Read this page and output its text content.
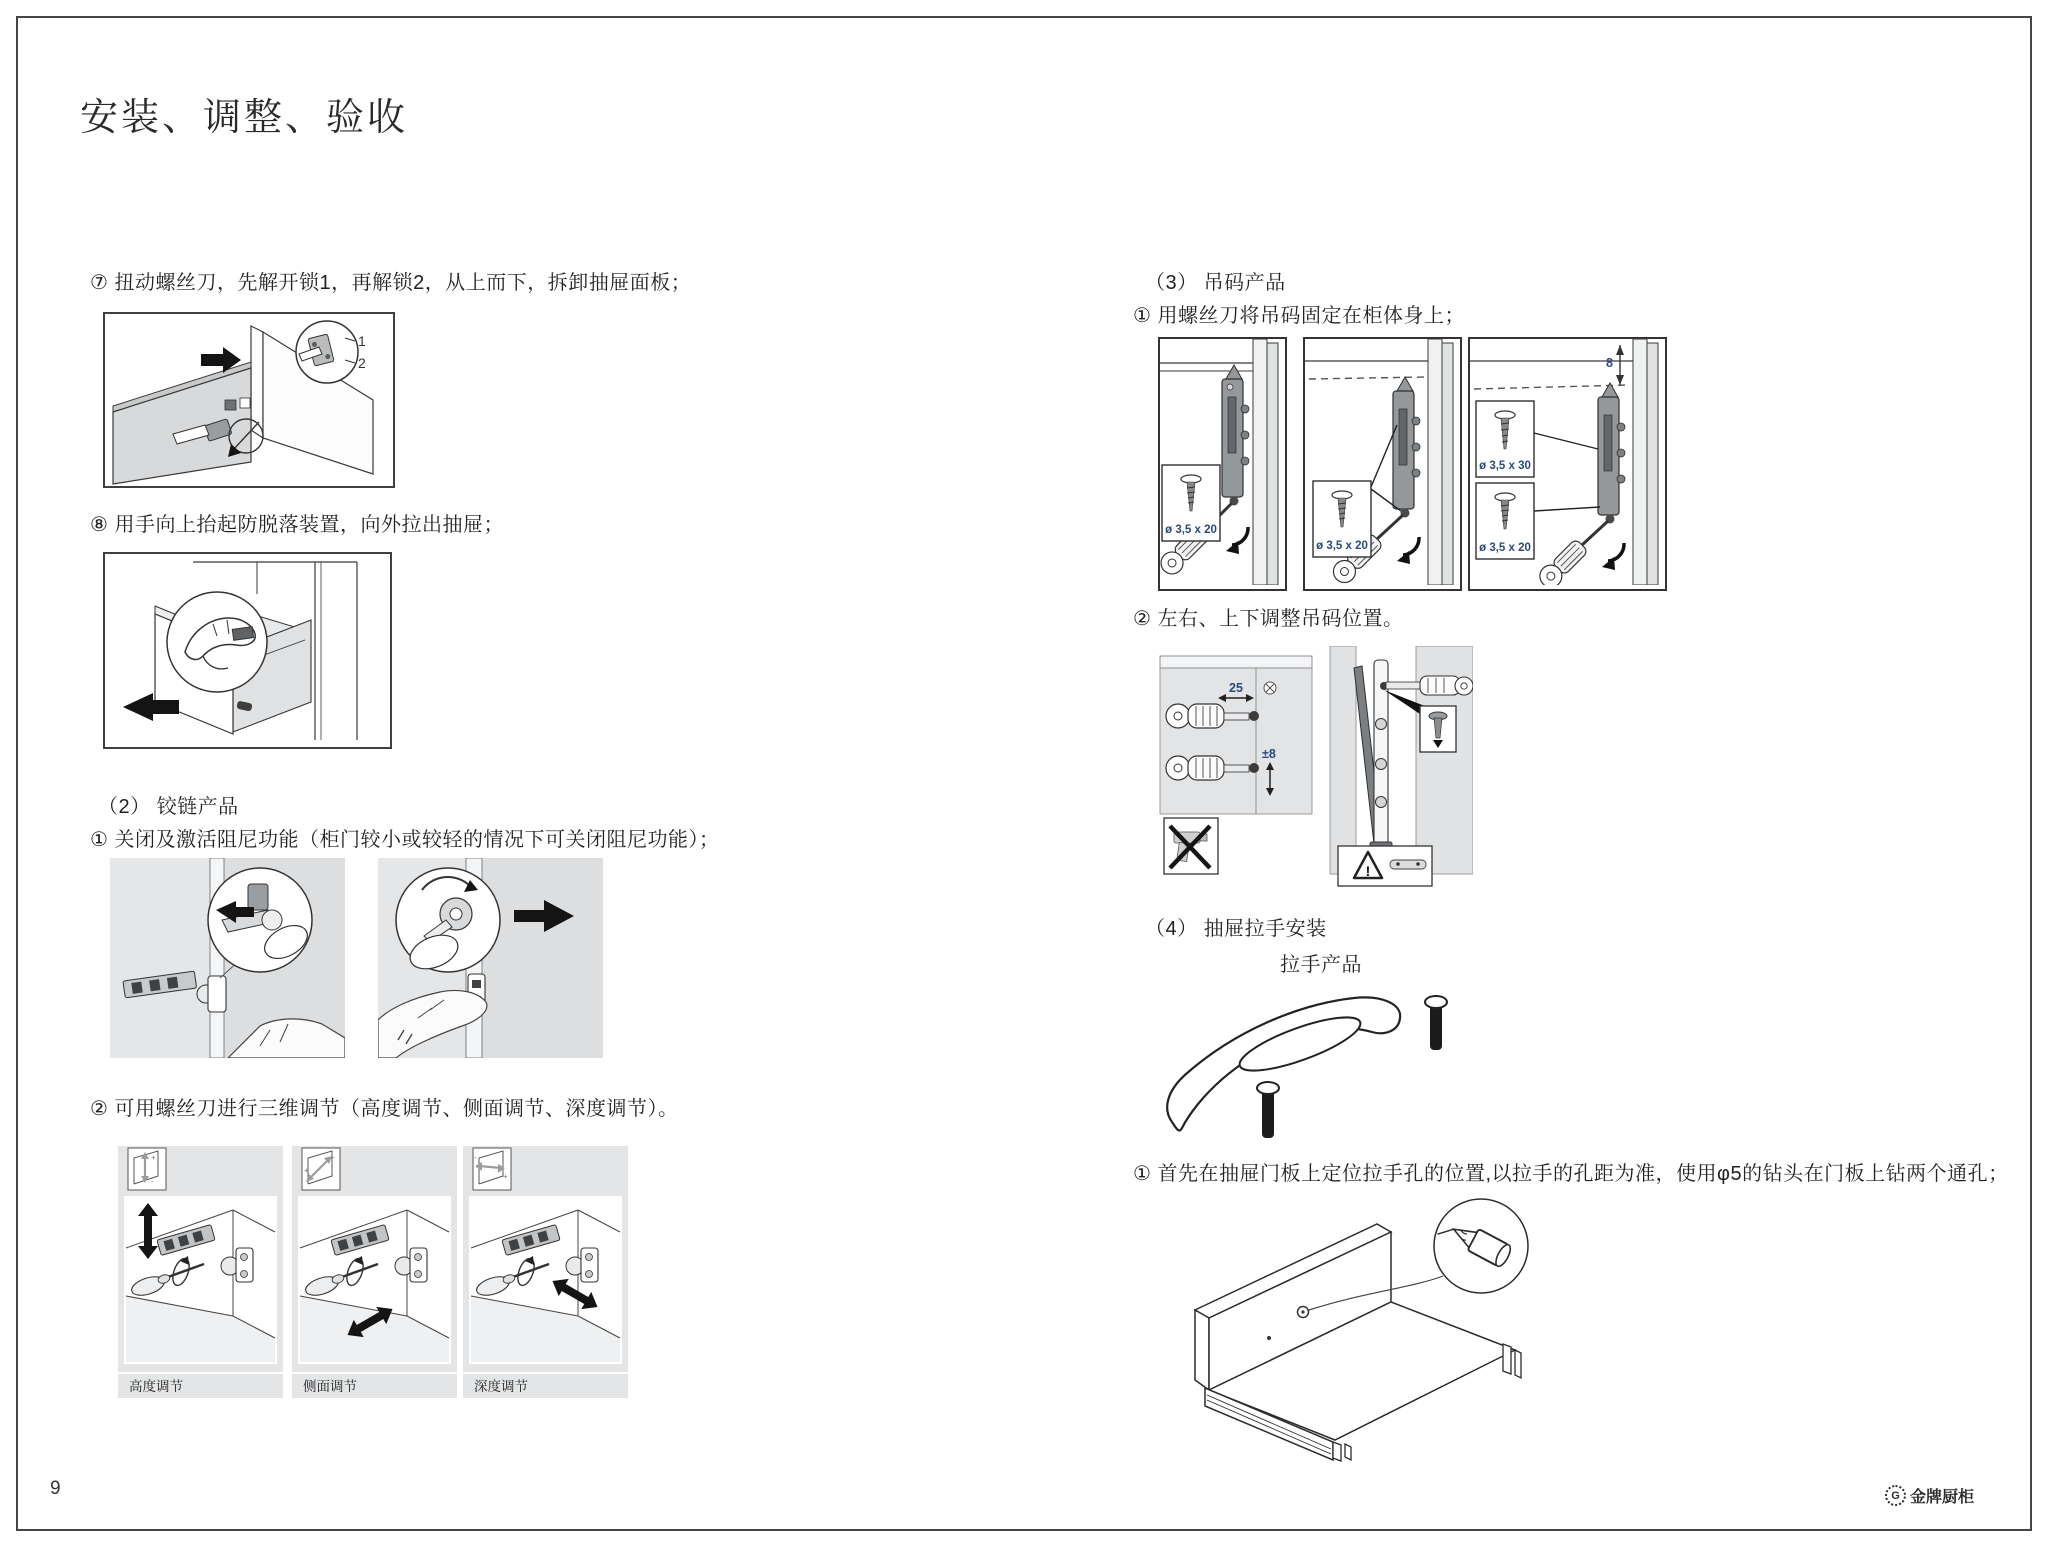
安装、调整、验收
⑦ 扭动螺丝刀，先解开锁1，再解锁2，从上而下，拆卸抽屉面板；
1
2
⑧ 用手向上抬起防脱落装置，向外拉出抽屉；
（2） 铰链产品
① 关闭及激活阻尼功能（柜门较小或较轻的情况下可关闭阻尼功能）；
② 可用螺丝刀进行三维调节（高度调节、侧面调节、深度调节）。
+
-
高度调节
+
-
侧面调节
-
+
深度调节
（3） 吊码产品
① 用螺丝刀将吊码固定在柜体身上；
ø 3,5 x 20
ø 3,5 x 20
8
ø 3,5 x 30
ø 3,5 x 20
② 左右、上下调整吊码位置。
25
±8
!
（4） 抽屉拉手安装
拉手产品
① 首先在抽屉门板上定位拉手孔的位置,以拉手的孔距为准，使用φ5的钻头在门板上钻两个通孔；
9	G 金牌厨柜
